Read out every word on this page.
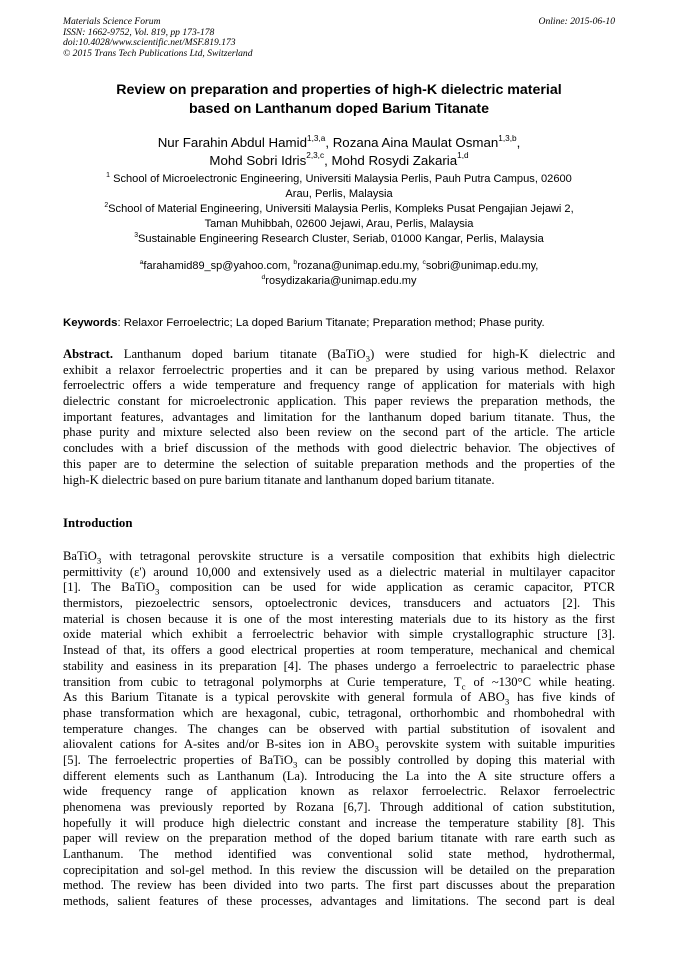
Materials Science Forum
ISSN: 1662-9752, Vol. 819, pp 173-178
doi:10.4028/www.scientific.net/MSF.819.173
© 2015 Trans Tech Publications Ltd, Switzerland
Online: 2015-06-10
Review on preparation and properties of high-K dielectric material
based on Lanthanum doped Barium Titanate
Nur Farahin Abdul Hamid$^{1,3,a}$, Rozana Aina Maulat Osman$^{1,3,b}$,
Mohd Sobri Idris$^{2,3,c}$, Mohd Rosydi Zakaria$^{1,d}$
$^1$ School of Microelectronic Engineering, Universiti Malaysia Perlis, Pauh Putra Campus, 02600
Arau, Perlis, Malaysia
$^2$School of Material Engineering, Universiti Malaysia Perlis, Kompleks Pusat Pengajian Jejawi 2,
Taman Muhibbah, 02600 Jejawi, Arau, Perlis, Malaysia
$^3$Sustainable Engineering Research Cluster, Seriab, 01000 Kangar, Perlis, Malaysia
$^a$farahamid89_sp@yahoo.com, $^b$rozana@unimap.edu.my, $^c$sobri@unimap.edu.my,
$^d$rosydizakaria@unimap.edu.my
Keywords: Relaxor Ferroelectric; La doped Barium Titanate; Preparation method; Phase purity.
Abstract. Lanthanum doped barium titanate (BaTiO$_3$) were studied for high-K dielectric and
exhibit a relaxor ferroelectric properties and it can be prepared by using various method. Relaxor
ferroelectric offers a wide temperature and frequency range of application for materials with high
dielectric constant for microelectronic application. This paper reviews the preparation methods, the
important features, advantages and limitation for the lanthanum doped barium titanate. Thus, the
phase purity and mixture selected also been review on the second part of the article. The article
concludes with a brief discussion of the methods with good dielectric behavior. The objectives of
this paper are to determine the selection of suitable preparation methods and the properties of the
high-K dielectric based on pure barium titanate and lanthanum doped barium titanate.
Introduction
BaTiO$_3$ with tetragonal perovskite structure is a versatile composition that exhibits high dielectric
permittivity (ε') around 10,000 and extensively used as a dielectric material in multilayer capacitor
[1]. The BaTiO$_3$ composition can be used for wide application as ceramic capacitor, PTCR
thermistors, piezoelectric sensors, optoelectronic devices, transducers and actuators [2]. This
material is chosen because it is one of the most interesting materials due to its history as the first
oxide material which exhibit a ferroelectric behavior with simple crystallographic structure [3].
Instead of that, its offers a good electrical properties at room temperature, mechanical and chemical
stability and easiness in its preparation [4]. The phases undergo a ferroelectric to paraelectric phase
transition from cubic to tetragonal polymorphs at Curie temperature, $T_c$ of ~130°C while heating.
As this Barium Titanate is a typical perovskite with general formula of $ABO_3$ has five kinds of
phase transformation which are hexagonal, cubic, tetragonal, orthorhombic and rhombohedral with
temperature changes. The changes can be observed with partial substitution of isovalent and
aliovalent cations for A-sites and/or B-sites ion in $ABO_3$ perovskite system with suitable impurities
[5]. The ferroelectric properties of BaTiO$_3$ can be possibly controlled by doping this material with
different elements such as Lanthanum (La). Introducing the La into the A site structure offers a
wide frequency range of application known as relaxor ferroelectric. Relaxor ferroelectric
phenomena was previously reported by Rozana [6,7]. Through additional of cation substitution,
hopefully it will produce high dielectric constant and increase the temperature stability [8]. This
paper will review on the preparation method of the doped barium titanate with rare earth such as
Lanthanum. The method identified was conventional solid state method, hydrothermal,
coprecipitation and sol-gel method. In this review the discussion will be detailed on the preparation
method. The review has been divided into two parts. The first part discusses about the preparation
methods, salient features of these processes, advantages and limitations. The second part is deal
